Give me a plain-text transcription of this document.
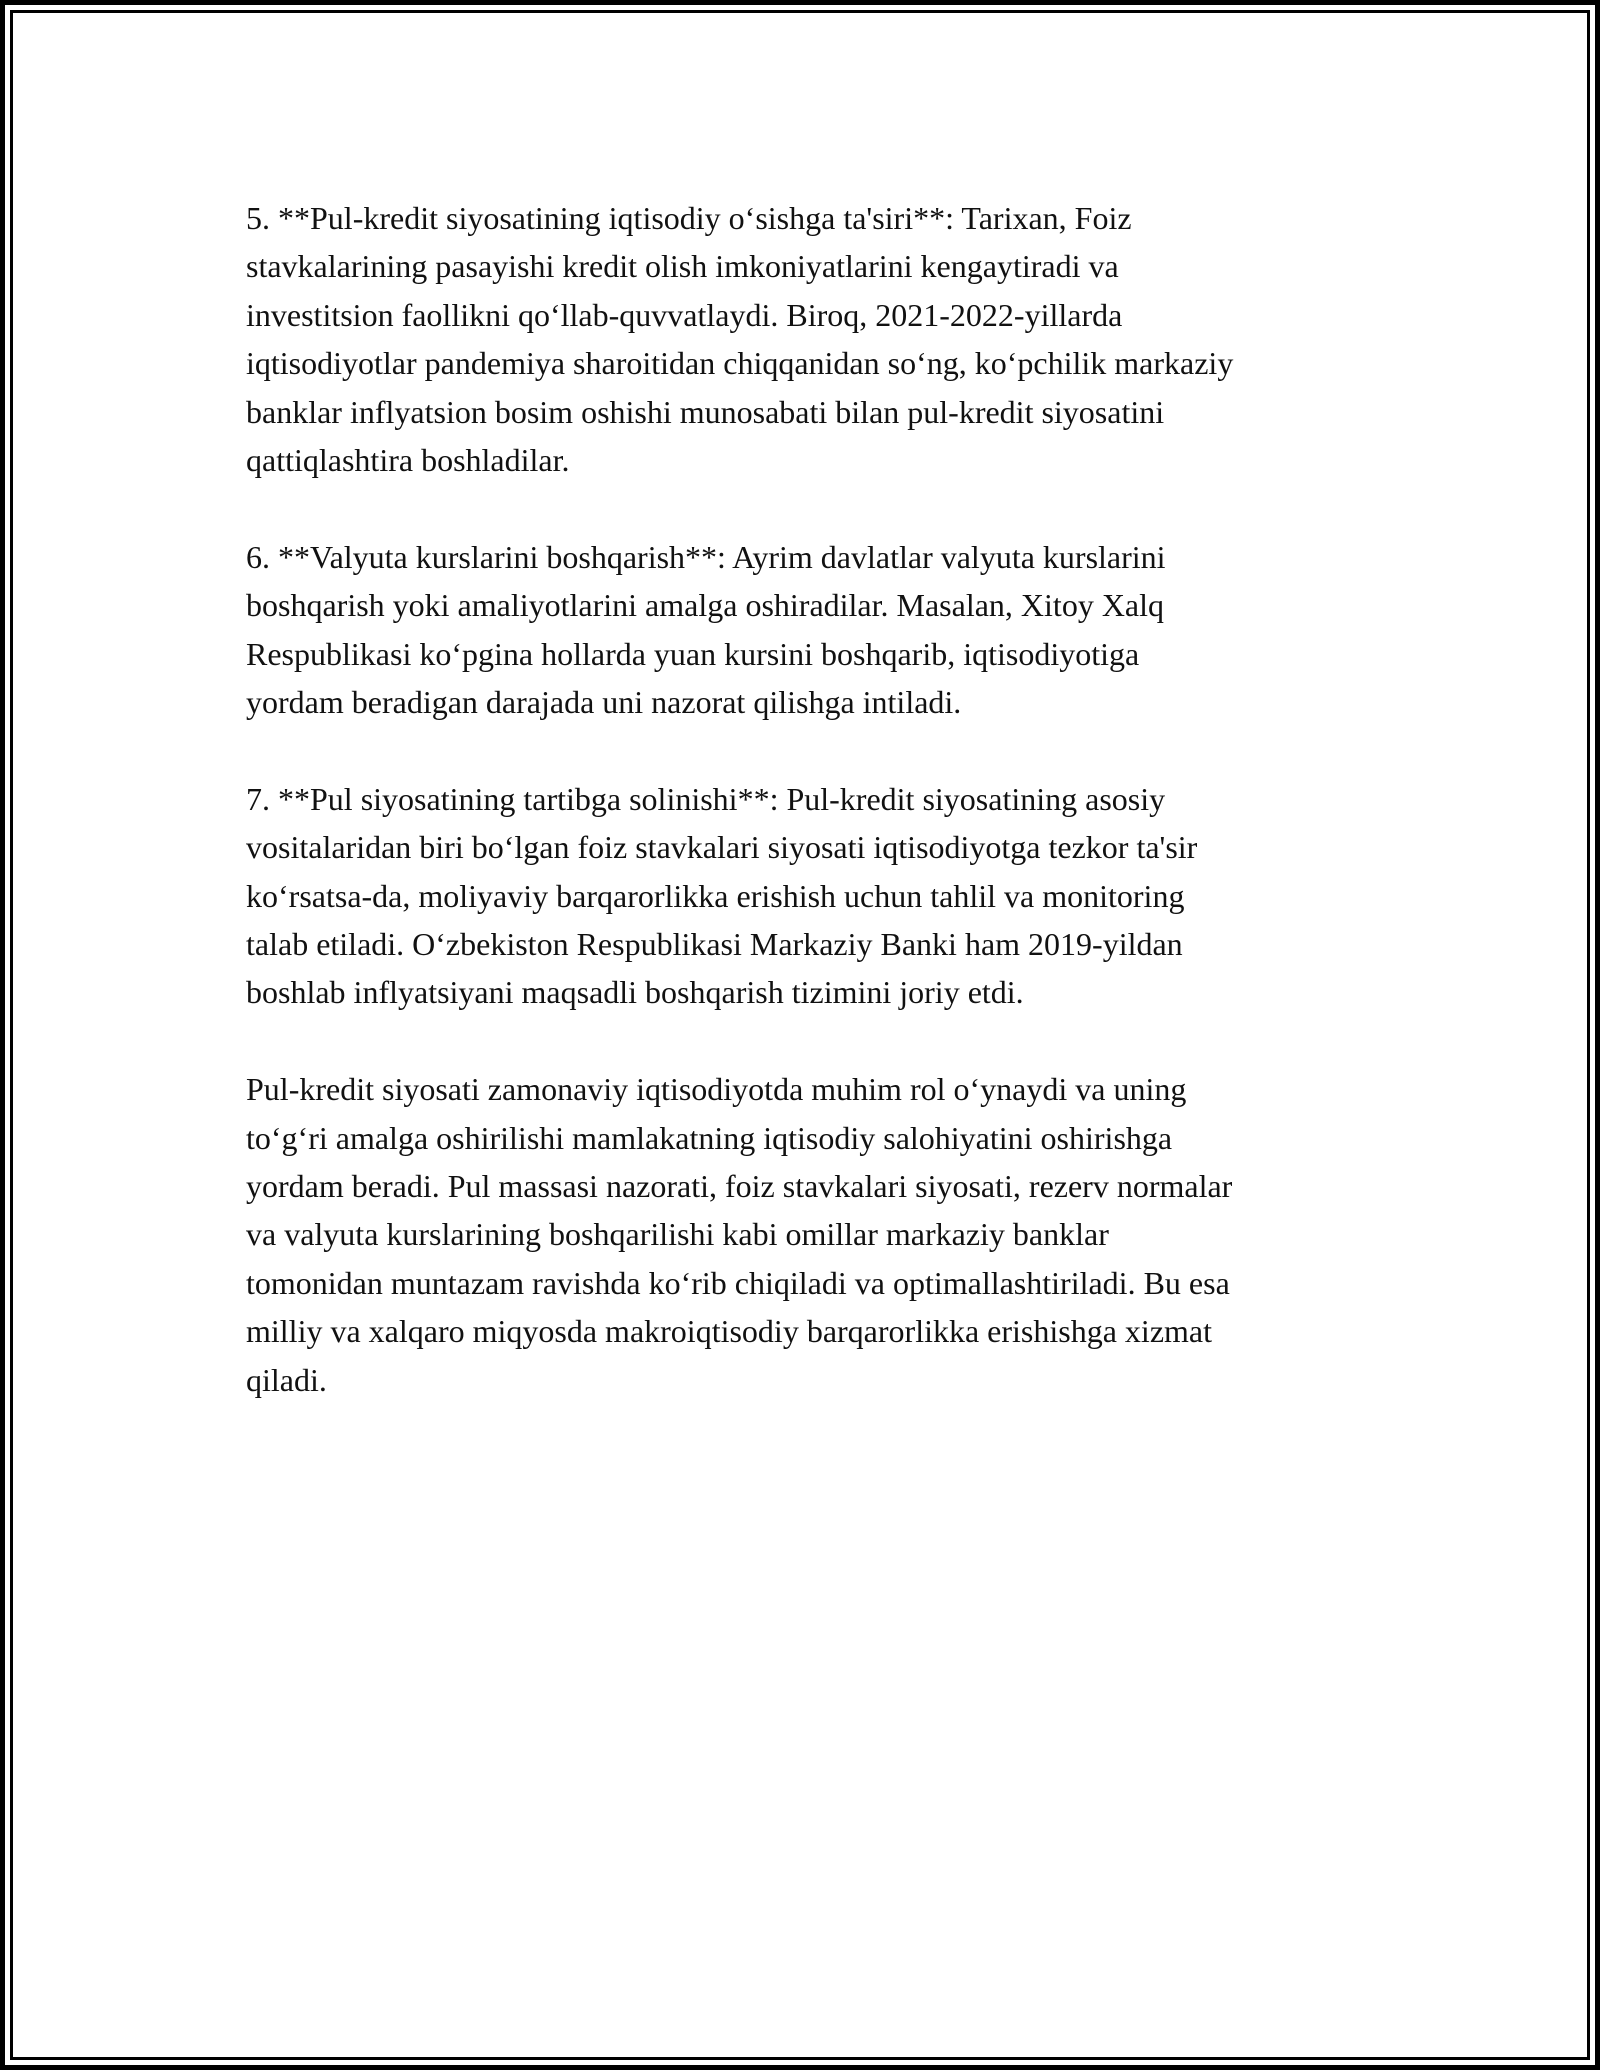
5. **Pul-kredit siyosatining iqtisodiy o‘sishga ta'siri**: Tarixan, Foiz
stavkalarining pasayishi kredit olish imkoniyatlarini kengaytiradi va
investitsion faollikni qo‘llab-quvvatlaydi. Biroq, 2021-2022-yillarda
iqtisodiyotlar pandemiya sharoitidan chiqqanidan so‘ng, ko‘pchilik markaziy
banklar inflyatsion bosim oshishi munosabati bilan pul-kredit siyosatini
qattiqlashtira boshladilar.

6. **Valyuta kurslarini boshqarish**: Ayrim davlatlar valyuta kurslarini
boshqarish yoki amaliyotlarini amalga oshiradilar. Masalan, Xitoy Xalq
Respublikasi ko‘pgina hollarda yuan kursini boshqarib, iqtisodiyotiga
yordam beradigan darajada uni nazorat qilishga intiladi.

7. **Pul siyosatining tartibga solinishi**: Pul-kredit siyosatining asosiy
vositalaridan biri bo‘lgan foiz stavkalari siyosati iqtisodiyotga tezkor ta'sir
ko‘rsatsa-da, moliyaviy barqarorlikka erishish uchun tahlil va monitoring
talab etiladi. O‘zbekiston Respublikasi Markaziy Banki ham 2019-yildan
boshlab inflyatsiyani maqsadli boshqarish tizimini joriy etdi.

Pul-kredit siyosati zamonaviy iqtisodiyotda muhim rol o‘ynaydi va uning
to‘g‘ri amalga oshirilishi mamlakatning iqtisodiy salohiyatini oshirishga
yordam beradi. Pul massasi nazorati, foiz stavkalari siyosati, rezerv normalar
va valyuta kurslarining boshqarilishi kabi omillar markaziy banklar
tomonidan muntazam ravishda ko‘rib chiqiladi va optimallashtiriladi. Bu esa
milliy va xalqaro miqyosda makroiqtisodiy barqarorlikka erishishga xizmat
qiladi.
